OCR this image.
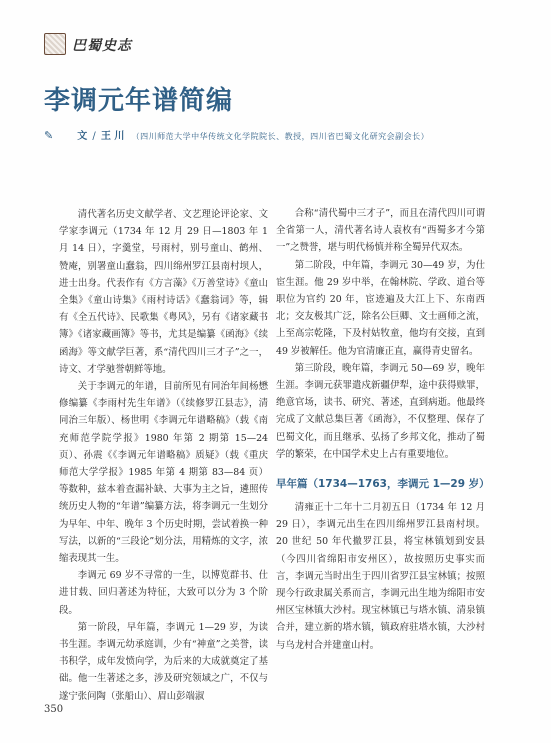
巴蜀史志
李调元年谱简编
✎ 文 / 王 川 （四川师范大学中华传统文化学院院长、教授，四川省巴蜀文化研究会副会长）

清代著名历史文献学者、文艺理论评论家、文学家李调元（1734 年 12 月 29 日—1803 年 1 月 14 日），字羹堂，号雨村，别号童山、鹤州、赞庵，别署童山蠢翁，四川绵州罗江县南村坝人，进士出身。代表作有《方言藻》《万善堂诗》《童山全集》《童山诗集》《雨村诗话》《蠢翁词》等，辑有《全五代诗》、民歌集《粤风》，另有《诸家藏书簿》《诸家藏画簿》等书，尤其是编纂《函海》《续函海》等文献学巨著，系“清代四川三才子”之一，诗文、才学驰誉朝鲜等地。

关于李调元的年谱，目前所见有同治年间杨懋修编纂《李雨村先生年谱》（《续修罗江县志》，清同治三年版）、杨世明《李调元年谱略稿》（载《南充师范学院学报》1980 年第 2 期第 15—24 页）、孙震《《李调元年谱略稿》质疑》（载《重庆师范大学学报》1985 年第 4 期第 83—84 页）等数种，兹本着查漏补缺、大事为主之旨，遴照传统历史人物的“年谱”编纂方法，将李调元一生划分为早年、中年、晚年 3 个历史时期，尝试着换一种写法，以新的“三段论”划分法，用精炼的文字，浓缩表现其一生。

李调元 69 岁不寻常的一生，以博览群书、仕进甘载、回归著述为特征，大致可以分为 3 个阶段。

第一阶段，早年篇，李调元 1—29 岁，为读书生涯。李调元幼承庭训，少有“神童”之美誉，读书积学，成年发愤向学，为后来的大成就奠定了基础。他一生著述之多，涉及研究领域之广，不仅与遂宁张问陶（张船山）、眉山彭端淑

合称“清代蜀中三才子”，而且在清代四川可谓全省第一人，清代著名诗人袁枚有“西蜀多才今第一”之赞誉，堪与明代杨慎并称全蜀异代双杰。

第二阶段，中年篇，李调元 30—49 岁，为仕宦生涯。他 29 岁中举，在翰林院、学政、道台等职位为官约 20 年，宦迹遍及大江上下、东南西北；交友极其广泛，除名公巨卿、文士画师之流，上至高宗乾隆，下及村姑牧童，他均有交接，直到 49 岁被解任。他为官清廉正直，赢得青史留名。

第三阶段，晚年篇，李调元 50—69 岁，晚年生涯。李调元获罪遣戍新疆伊犁，途中获得赎罪，绝意官场，读书、研究、著述，直到病逝。他最终完成了文献总集巨著《函海》，不仅整理、保存了巴蜀文化，而且继承、弘扬了乡邦文化，推动了蜀学的繁荣，在中国学术史上占有重要地位。

早年篇（1734—1763，李调元 1—29 岁）

清雍正十二年十二月初五日（1734 年 12 月 29 日），李调元出生在四川绵州罗江县南村坝。20 世纪 50 年代撤罗江县，将宝林镇划到安县（今四川省绵阳市安州区），故按照历史事实而言，李调元当时出生于四川省罗江县宝林镇；按照现今行政隶属关系而言，李调元出生地为绵阳市安州区宝林镇大沙村。现宝林镇已与塔水镇、清泉镇合并，建立新的塔水镇，镇政府驻塔水镇，大沙村与乌龙村合并建童山村。

350
